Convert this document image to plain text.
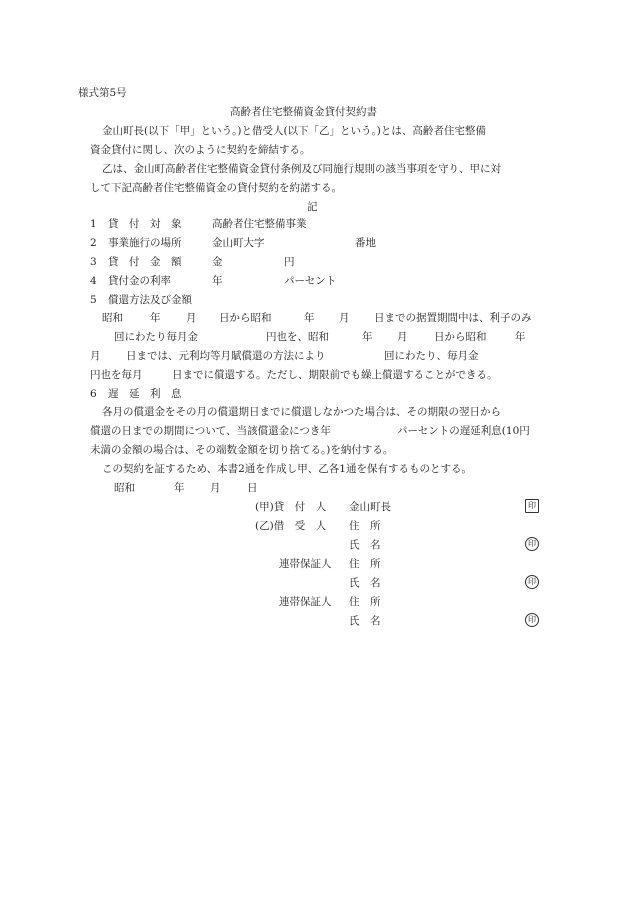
様式第5号
高齢者住宅整備資金貸付契約書
金山町長(以下「甲」という。)と借受人(以下「乙」という。)とは、高齢者住宅整備
資金貸付に関し、次のように契約を締結する。
乙は、金山町高齢者住宅整備資金貸付条例及び同施行規則の該当事項を守り、甲に対
して下記高齢者住宅整備資金の貸付契約を約諾する。
記
1 貸　付　対　象	高齢者住宅整備事業
2 事業施行の場所	金山町大字	番地
3 貸　付　金　額	金	円
4 貸付金の利率	年	パーセント
5 償還方法及び金額
昭和	年 月 日から昭和	年 月 日までの据置期間中は、利子のみ
回にわたり毎月金	円也を、昭和	年 月	日から昭和	年
月 日までは、元利均等月賦償還の方法により	回にわたり、毎月金
円也を毎月	日までに償還する。ただし、期限前でも繰上償還することができる。
6 遅　延　利　息
各月の償還金をその月の償還期日までに償還しなかつた場合は、その期限の翌日から
償還の日までの期間について、当該償還金につき年	パーセントの遅延利息(10円
未満の金額の場合は、その端数金額を切り捨てる。)を納付する。
この契約を証するため、本書2通を作成し甲、乙各1通を保有するものとする。
昭和	年 月	日
(甲)貸　付　人 金山町長	印
(乙)借　受　人 住　所
氏　名	印
連帯保証人 住　所
氏　名	印
連帯保証人 住　所
氏　名	印
